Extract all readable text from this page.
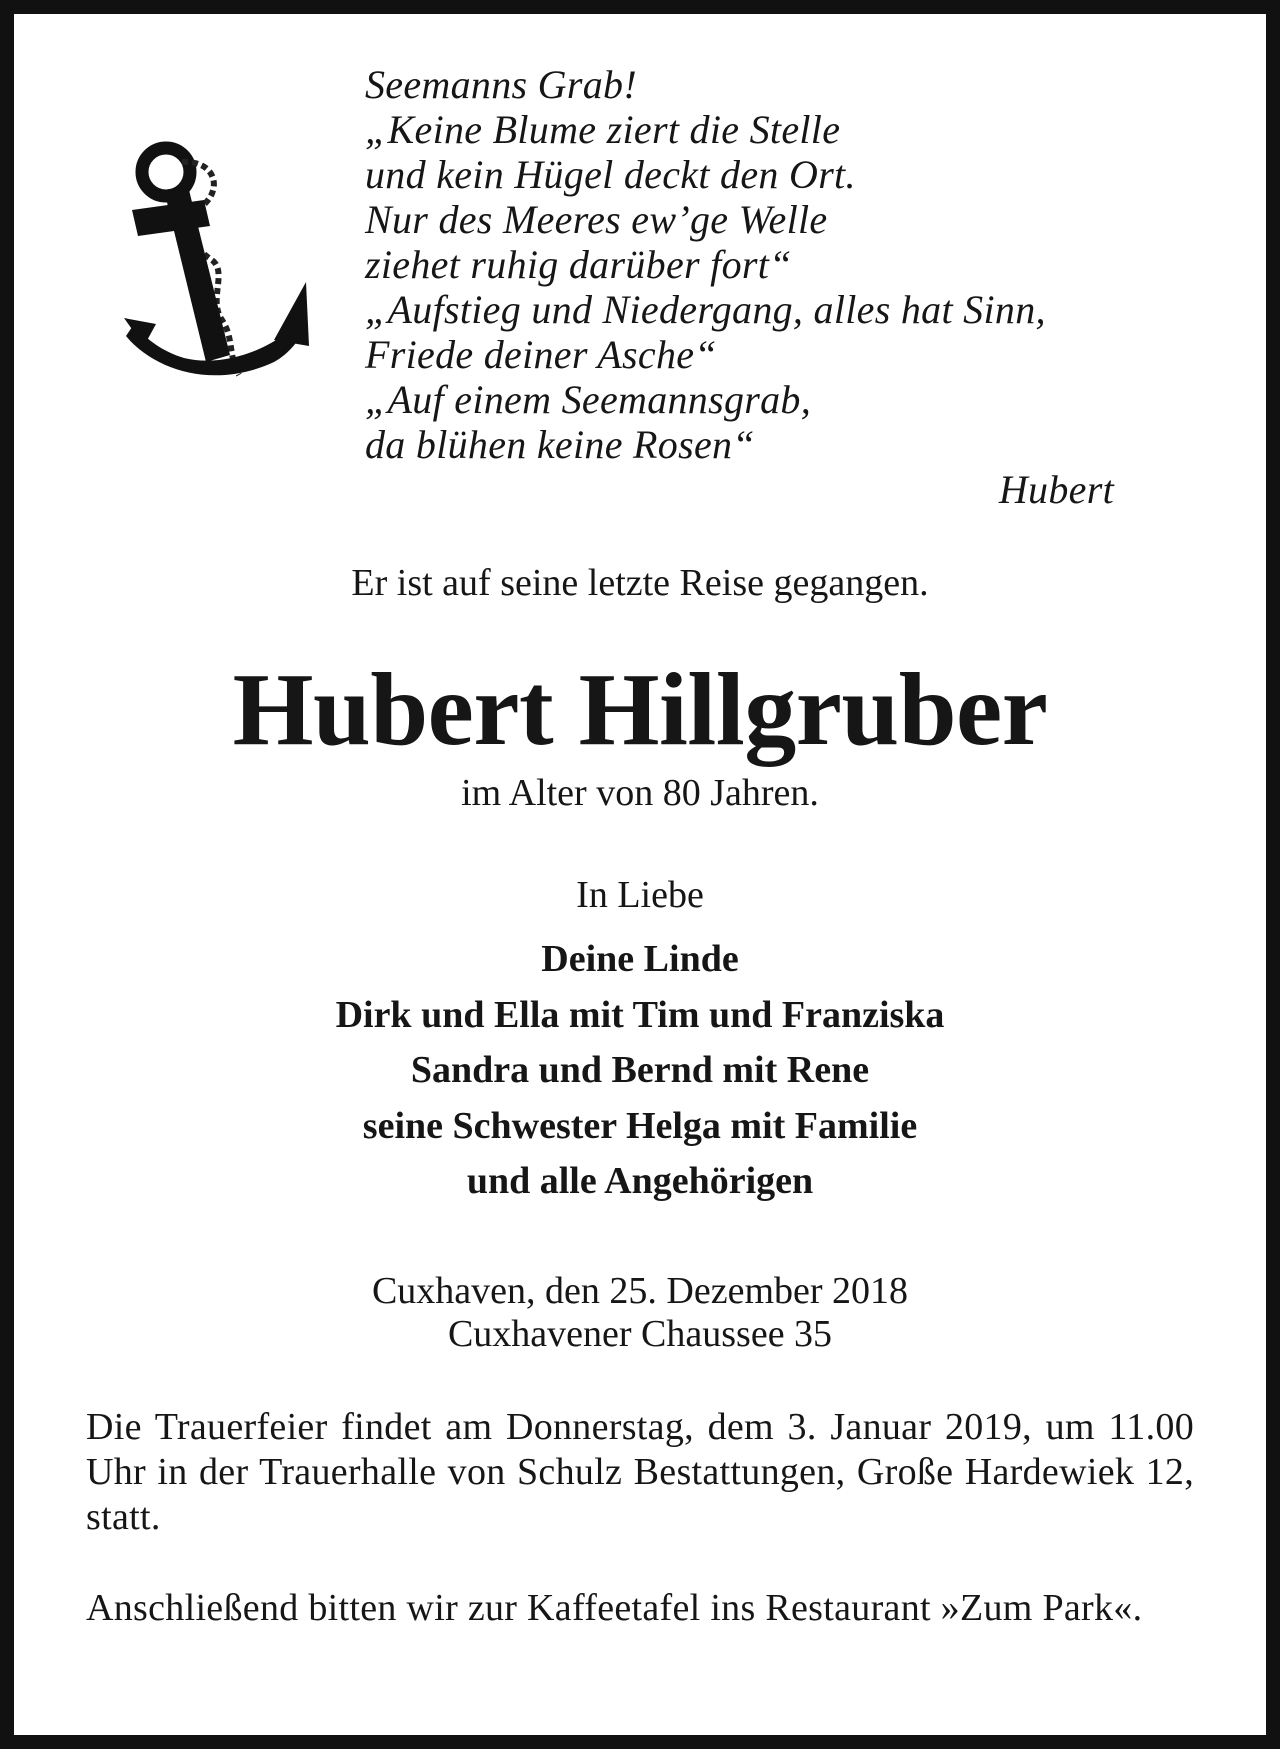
Seemanns Grab!
„Keine Blume ziert die Stelle
und kein Hügel deckt den Ort.
Nur des Meeres ew’ge Welle
ziehet ruhig darüber fort“
„Aufstieg und Niedergang, alles hat Sinn,
Friede deiner Asche“
„Auf einem Seemannsgrab,
da blühen keine Rosen“
Hubert
Er ist auf seine letzte Reise gegangen.
Hubert Hillgruber
im Alter von 80 Jahren.
In Liebe
Deine Linde
Dirk und Ella mit Tim und Franziska
Sandra und Bernd mit Rene
seine Schwester Helga mit Familie
und alle Angehörigen
Cuxhaven, den 25. Dezember 2018
Cuxhavener Chaussee 35
Die Trauerfeier findet am Donnerstag, dem 3. Januar 2019, um 11.00 Uhr in der Trauerhalle von Schulz Bestattungen, Große Hardewiek 12, statt.
Anschließend bitten wir zur Kaffeetafel ins Restaurant »Zum Park«.
